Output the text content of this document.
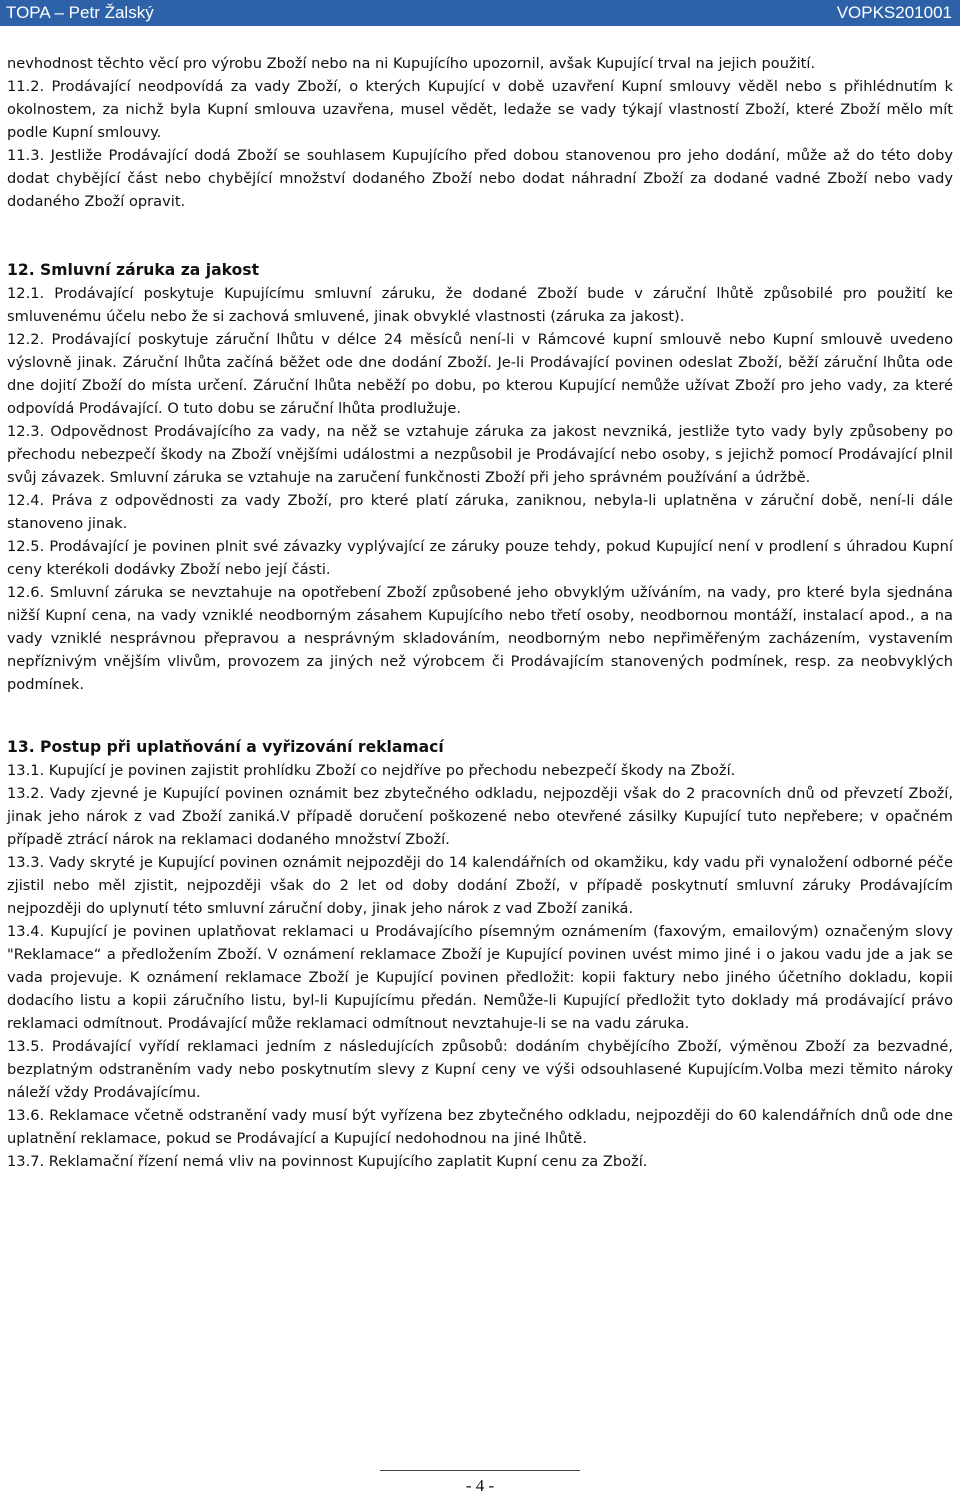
TOPA – Petr Žalský	VOPKS201001

nevhodnost těchto věcí pro výrobu Zboží nebo na ni Kupujícího upozornil, avšak Kupující trval na jejich použití.

11.2. Prodávající neodpovídá za vady Zboží, o kterých Kupující v době uzavření Kupní smlouvy věděl nebo s přihlédnutím k okolnostem, za nichž byla Kupní smlouva uzavřena, musel vědět, ledaže se vady týkají vlastností Zboží, které Zboží mělo mít podle Kupní smlouvy.

11.3. Jestliže Prodávající dodá Zboží se souhlasem Kupujícího před dobou stanovenou pro jeho dodání, může až do této doby dodat chybějící část nebo chybějící množství dodaného Zboží nebo dodat náhradní Zboží za dodané vadné Zboží nebo vady dodaného Zboží opravit.

12. Smluvní záruka za jakost

12.1. Prodávající poskytuje Kupujícímu smluvní záruku, že dodané Zboží bude v záruční lhůtě způsobilé pro použití ke smluvenému účelu nebo že si zachová smluvené, jinak obvyklé vlastnosti (záruka za jakost).

12.2. Prodávající poskytuje záruční lhůtu v délce 24 měsíců není-li v Rámcové kupní smlouvě nebo Kupní smlouvě uvedeno výslovně jinak. Záruční lhůta začíná běžet ode dne dodání Zboží. Je-li Prodávající povinen odeslat Zboží, běží záruční lhůta ode dne dojití Zboží do místa určení. Záruční lhůta neběží po dobu, po kterou Kupující nemůže užívat Zboží pro jeho vady, za které odpovídá Prodávající. O tuto dobu se záruční lhůta prodlužuje.

12.3. Odpovědnost Prodávajícího za vady, na něž se vztahuje záruka za jakost nevzniká, jestliže tyto vady byly způsobeny po přechodu nebezpečí škody na Zboží vnějšími událostmi a nezpůsobil je Prodávající nebo osoby, s jejichž pomocí Prodávající plnil svůj závazek. Smluvní záruka se vztahuje na zaručení funkčnosti Zboží při jeho správném používání a údržbě.

12.4. Práva z odpovědnosti za vady Zboží, pro které platí záruka, zaniknou, nebyla-li uplatněna v záruční době, není-li dále stanoveno jinak.

12.5. Prodávající je povinen plnit své závazky vyplývající ze záruky pouze tehdy, pokud Kupující není v prodlení s úhradou Kupní ceny kterékoli dodávky Zboží nebo její části.

12.6. Smluvní záruka se nevztahuje na opotřebení Zboží způsobené jeho obvyklým užíváním, na vady, pro které byla sjednána nižší Kupní cena, na vady vzniklé neodborným zásahem Kupujícího nebo třetí osoby, neodbornou montáží, instalací apod., a na vady vzniklé nesprávnou přepravou a nesprávným skladováním, neodborným nebo nepřiměřeným zacházením, vystavením nepříznivým vnějším vlivům, provozem za jiných než výrobcem či Prodávajícím stanovených podmínek, resp. za neobvyklých podmínek.

13. Postup při uplatňování a vyřizování reklamací

13.1. Kupující je povinen zajistit prohlídku Zboží co nejdříve po přechodu nebezpečí škody na Zboží.

13.2. Vady zjevné je Kupující povinen oznámit bez zbytečného odkladu, nejpozději však do 2 pracovních dnů od převzetí Zboží, jinak jeho nárok z vad Zboží zaniká.V případě doručení poškozené nebo otevřené zásilky Kupující tuto nepřebere; v opačném případě ztrácí nárok na reklamaci dodaného množství Zboží.

13.3. Vady skryté je Kupující povinen oznámit nejpozději do 14 kalendářních od okamžiku, kdy vadu při vynaložení odborné péče zjistil nebo měl zjistit, nejpozději však do 2 let od doby dodání Zboží, v případě poskytnutí smluvní záruky Prodávajícím nejpozději do uplynutí této smluvní záruční doby, jinak jeho nárok z vad Zboží zaniká.

13.4. Kupující je povinen uplatňovat reklamaci u Prodávajícího písemným oznámením (faxovým, emailovým) označeným slovy "Reklamace“ a předložením Zboží. V oznámení reklamace Zboží je Kupující povinen uvést mimo jiné i o jakou vadu jde a jak se vada projevuje. K oznámení reklamace Zboží je Kupující povinen předložit: kopii faktury nebo jiného účetního dokladu, kopii dodacího listu a kopii záručního listu, byl-li Kupujícímu předán. Nemůže-li Kupující předložit tyto doklady má prodávající právo reklamaci odmítnout. Prodávající může reklamaci odmítnout nevztahuje-li se na vadu záruka.

13.5. Prodávající vyřídí reklamaci jedním z následujících způsobů: dodáním chybějícího Zboží, výměnou Zboží za bezvadné, bezplatným odstraněním vady nebo poskytnutím slevy z Kupní ceny ve výši odsouhlasené Kupujícím.Volba mezi těmito nároky náleží vždy Prodávajícímu.

13.6. Reklamace včetně odstranění vady musí být vyřízena bez zbytečného odkladu, nejpozději do 60 kalendářních dnů ode dne uplatnění reklamace, pokud se Prodávající a Kupující nedohodnou na jiné lhůtě.

13.7. Reklamační řízení nemá vliv na povinnost Kupujícího zaplatit Kupní cenu za Zboží.

- 4 -
